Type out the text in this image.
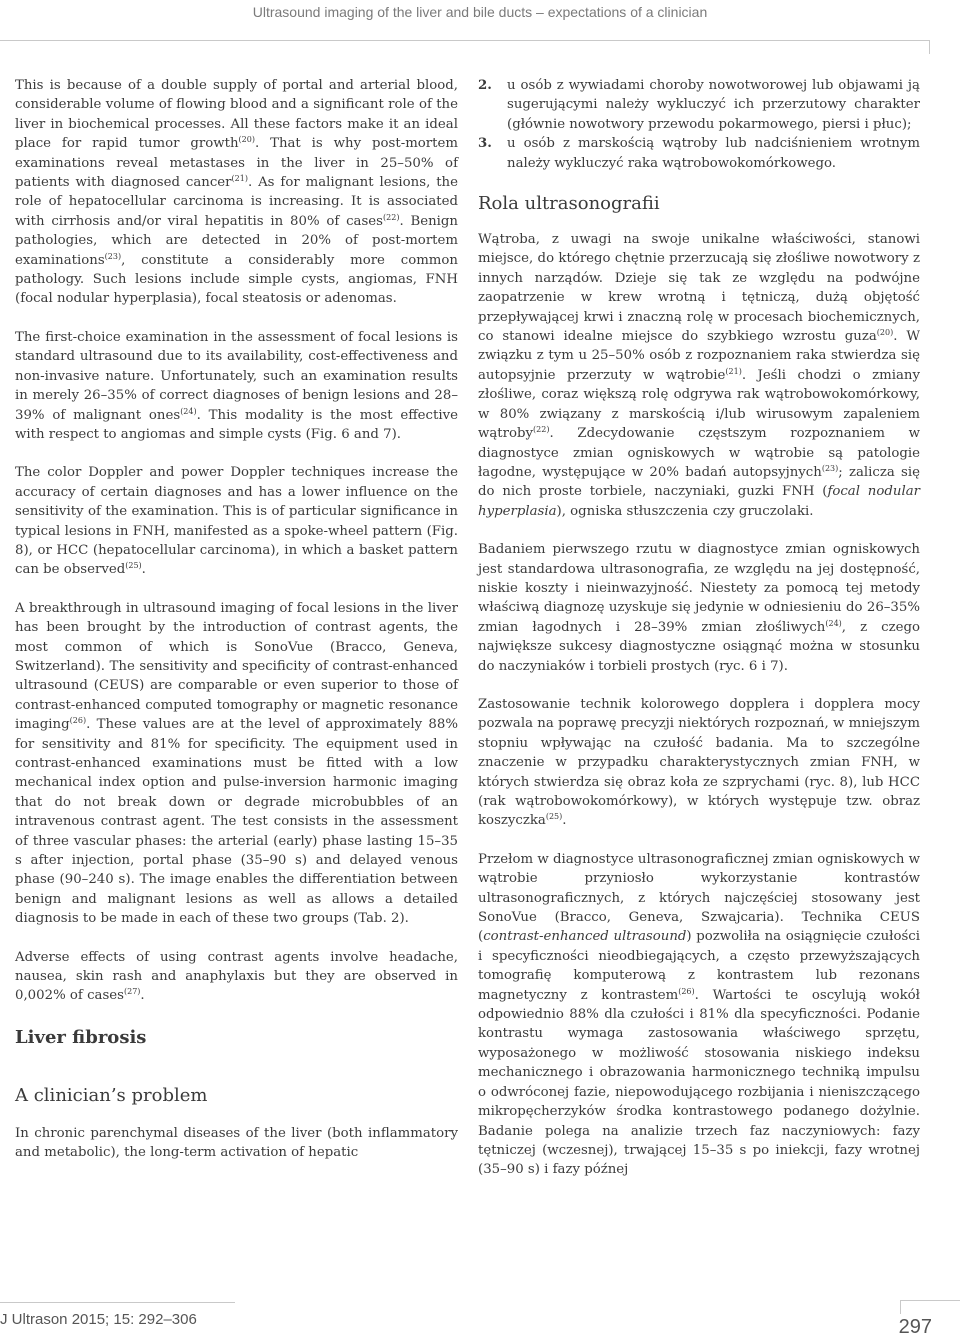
Ultrasound imaging of the liver and bile ducts – expectations of a clinician

This is because of a double supply of portal and arterial blood, considerable volume of flowing blood and a significant role of the liver in biochemical processes. All these factors make it an ideal place for rapid tumor growth$^{(20)}$. That is why post-mortem examinations reveal metastases in the liver in 25–50% of patients with diagnosed cancer$^{(21)}$. As for malignant lesions, the role of hepatocellular carcinoma is increasing. It is associated with cirrhosis and/or viral hepatitis in 80% of cases$^{(22)}$. Benign pathologies, which are detected in 20% of post-mortem examinations$^{(23)}$, constitute a considerably more common pathology. Such lesions include simple cysts, angiomas, FNH (focal nodular hyperplasia), focal steatosis or adenomas.

The first-choice examination in the assessment of focal lesions is standard ultrasound due to its availability, cost-effectiveness and non-invasive nature. Unfortunately, such an examination results in merely 26–35% of correct diagnoses of benign lesions and 28–39% of malignant ones$^{(24)}$. This modality is the most effective with respect to angiomas and simple cysts (Fig. 6 and 7).

The color Doppler and power Doppler techniques increase the accuracy of certain diagnoses and has a lower influence on the sensitivity of the examination. This is of particular significance in typical lesions in FNH, manifested as a spoke-wheel pattern (Fig. 8), or HCC (hepatocellular carcinoma), in which a basket pattern can be observed$^{(25)}$.

A breakthrough in ultrasound imaging of focal lesions in the liver has been brought by the introduction of contrast agents, the most common of which is SonoVue (Bracco, Geneva, Switzerland). The sensitivity and specificity of contrast-enhanced ultrasound (CEUS) are comparable or even superior to those of contrast-enhanced computed tomography or magnetic resonance imaging$^{(26)}$. These values are at the level of approximately 88% for sensitivity and 81% for specificity. The equipment used in contrast-enhanced examinations must be fitted with a low mechanical index option and pulse-inversion harmonic imaging that do not break down or degrade microbubbles of an intravenous contrast agent. The test consists in the assessment of three vascular phases: the arterial (early) phase lasting 15–35 s after injection, portal phase (35–90 s) and delayed venous phase (90–240 s). The image enables the differentiation between benign and malignant lesions as well as allows a detailed diagnosis to be made in each of these two groups (Tab. 2).

Adverse effects of using contrast agents involve headache, nausea, skin rash and anaphylaxis but they are observed in 0,002% of cases$^{(27)}$.

Liver fibrosis
A clinician’s problem

In chronic parenchymal diseases of the liver (both inflammatory and metabolic), the long-term activation of hepatic

2.	u osób z wywiadami choroby nowotworowej lub objawami ją sugerującymi należy wykluczyć ich przerzutowy charakter (głównie nowotwory przewodu pokarmowego, piersi i płuc);
3.	u osób z marskością wątroby lub nadciśnieniem wrotnym należy wykluczyć raka wątrobowokomórkowego.
Rola ultrasonografii

Wątroba, z uwagi na swoje unikalne właściwości, stanowi miejsce, do którego chętnie przerzucają się złośliwe nowotwory z innych narządów. Dzieje się tak ze względu na podwójne zaopatrzenie w krew wrotną i tętniczą, dużą objętość przepływającej krwi i znaczną rolę w procesach biochemicznych, co stanowi idealne miejsce do szybkiego wzrostu guza$^{(20)}$. W związku z tym u 25–50% osób z rozpoznaniem raka stwierdza się autopsyjnie przerzuty w wątrobie$^{(21)}$. Jeśli chodzi o zmiany złośliwe, coraz większą rolę odgrywa rak wątrobowokomórkowy, w 80% związany z marskością i/lub wirusowym zapaleniem wątroby$^{(22)}$. Zdecydowanie częstszym rozpoznaniem w diagnostyce zmian ogniskowych w wątrobie są patologie łagodne, występujące w 20% badań autopsyjnych$^{(23)}$; zalicza się do nich proste torbiele, naczyniaki, guzki FNH (focal nodular hyperplasia), ogniska stłuszczenia czy gruczolaki.

Badaniem pierwszego rzutu w diagnostyce zmian ogniskowych jest standardowa ultrasonografia, ze względu na jej dostępność, niskie koszty i nieinwazyjność. Niestety za pomocą tej metody właściwą diagnozę uzyskuje się jedynie w odniesieniu do 26–35% zmian łagodnych i 28–39% zmian złośliwych$^{(24)}$, z czego największe sukcesy diagnostyczne osiągnąć można w stosunku do naczyniaków i torbieli prostych (ryc. 6 i 7).

Zastosowanie technik kolorowego dopplera i dopplera mocy pozwala na poprawę precyzji niektórych rozpoznań, w mniejszym stopniu wpływając na czułość badania. Ma to szczególne znaczenie w przypadku charakterystycznych zmian FNH, w których stwierdza się obraz koła ze szprychami (ryc. 8), lub HCC (rak wątrobowokomórkowy), w których występuje tzw. obraz koszyczka$^{(25)}$.

Przełom w diagnostyce ultrasonograficznej zmian ogniskowych w wątrobie przyniosło wykorzystanie kontrastów ultrasonograficznych, z których najczęściej stosowany jest SonoVue (Bracco, Geneva, Szwajcaria). Technika CEUS (contrast-enhanced ultrasound) pozwoliła na osiągnięcie czułości i specyficzności nieodbiegających, a często przewyższających tomografię komputerową z kontrastem lub rezonans magnetyczny z kontrastem$^{(26)}$. Wartości te oscylują wokół odpowiednio 88% dla czułości i 81% dla specyficzności. Podanie kontrastu wymaga zastosowania właściwego sprzętu, wyposażonego w możliwość stosowania niskiego indeksu mechanicznego i obrazowania harmonicznego techniką impulsu o odwróconej fazie, niepowodującego rozbijania i nieniszczącego mikropęcherzyków środka kontrastowego podanego dożylnie. Badanie polega na analizie trzech faz naczyniowych: fazy tętniczej (wczesnej), trwającej 15–35 s po iniekcji, fazy wrotnej (35–90 s) i fazy późnej

J Ultrason 2015; 15: 292–306	297
